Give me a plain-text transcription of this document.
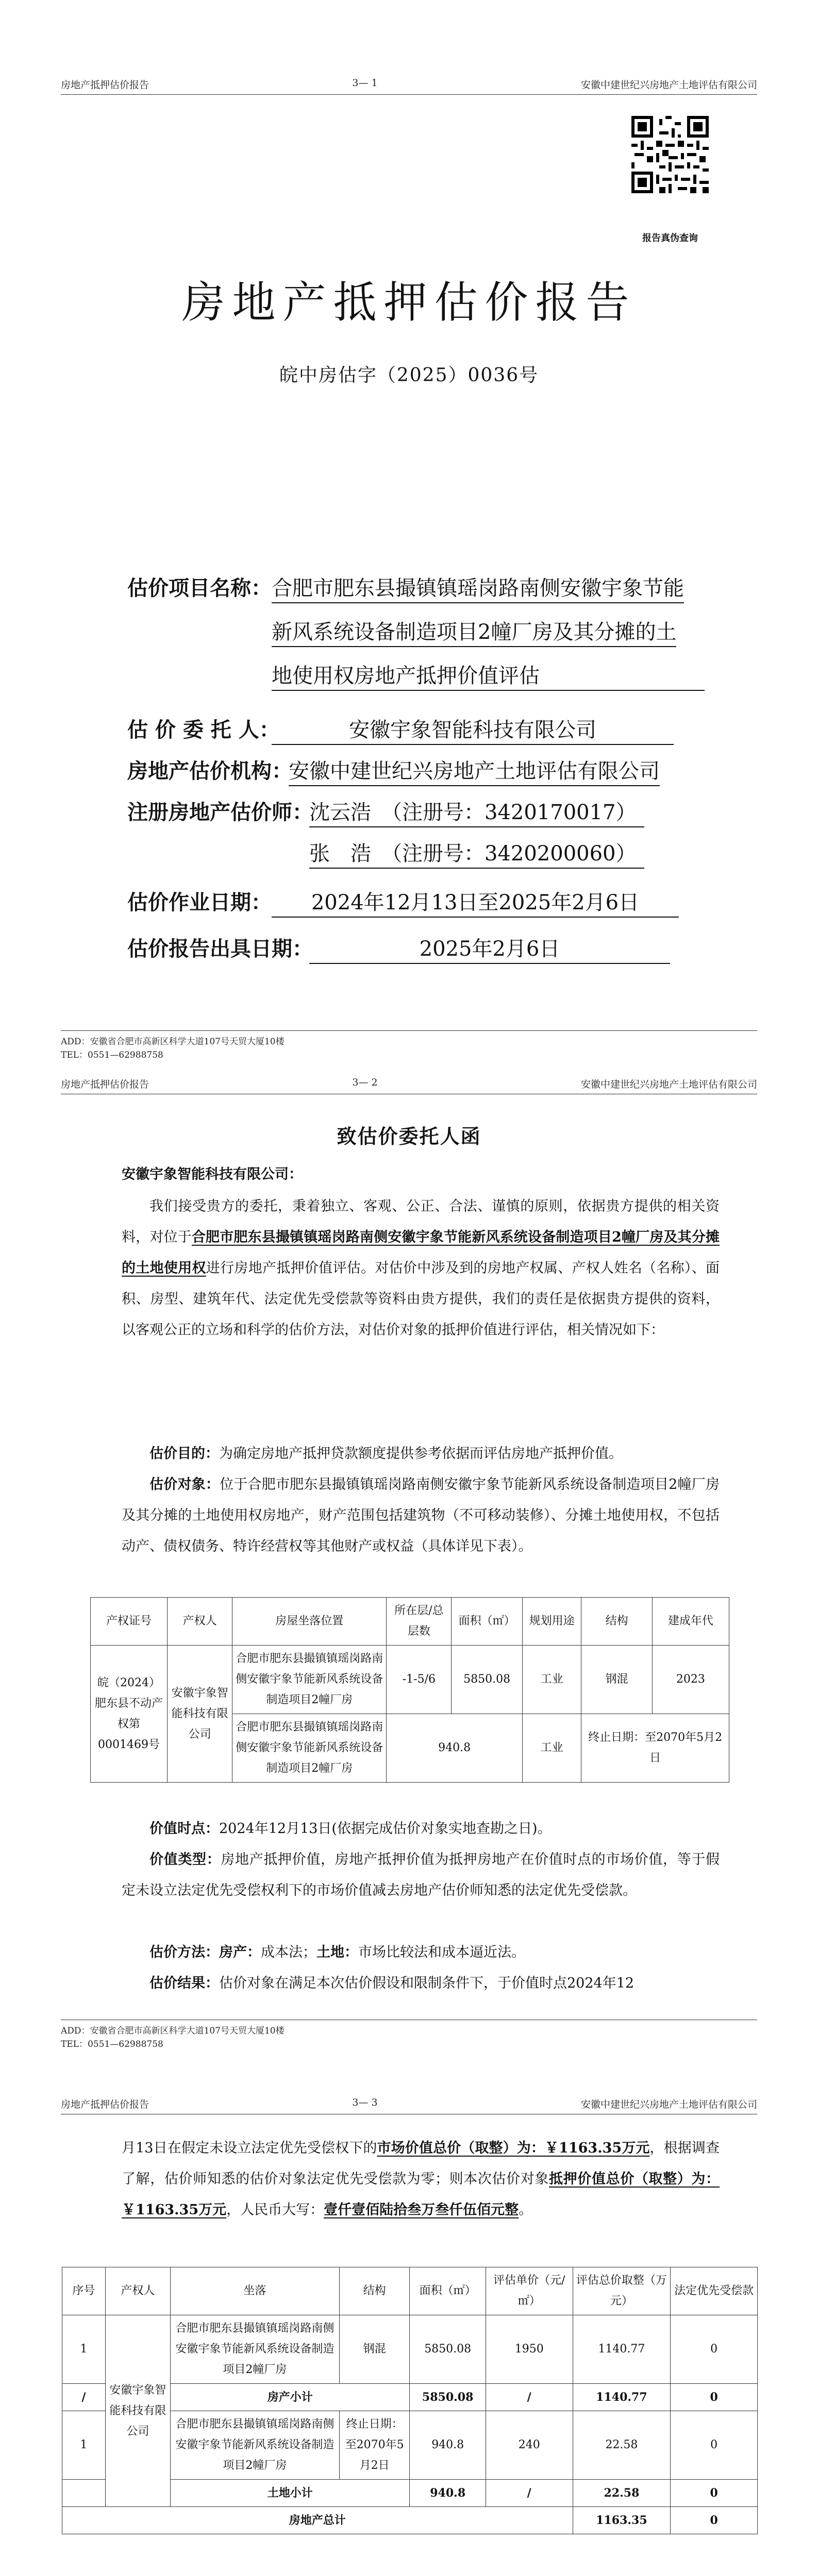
房地产抵押估价报告	3— 1	安徽中建世纪兴房地产土地评估有限公司
报告真伪查询
房地产抵押估价报告
皖中房估字（2025）0036号
估价项目名称： 合肥市肥东县撮镇镇瑶岗路南侧安徽宇象节能
新风系统设备制造项目2幢厂房及其分摊的土
地使用权房地产抵押价值评估
估 价 委 托 人：	安徽宇象智能科技有限公司
房地产估价机构：
安徽中建世纪兴房地产土地评估有限公司
注册房地产估价师：
沈云浩　（注册号：3420170017）
张　浩　（注册号：3420200060）
估价作业日期：	2024年12月13日至2025年2月6日
估价报告出具日期：	2025年2月6日
ADD：安徽省合肥市高新区科学大道107号天贸大厦10楼
TEL：0551—62988758
房地产抵押估价报告	3— 2	安徽中建世纪兴房地产土地评估有限公司
致估价委托人函
安徽宇象智能科技有限公司：
我们接受贵方的委托，秉着独立、客观、公正、合法、谨慎的原则，依据贵方提供的相关资料，对位于合肥市肥东县撮镇镇瑶岗路南侧安徽宇象节能新风系统设备制造项目2幢厂房及其分摊的土地使用权进行房地产抵押价值评估。对估价中涉及到的房地产权属、产权人姓名（名称）、面积、房型、建筑年代、法定优先受偿款等资料由贵方提供，我们的责任是依据贵方提供的资料，以客观公正的立场和科学的估价方法，对估价对象的抵押价值进行评估，相关情况如下：
估价目的：为确定房地产抵押贷款额度提供参考依据而评估房地产抵押价值。
估价对象：位于合肥市肥东县撮镇镇瑶岗路南侧安徽宇象节能新风系统设备制造项目2幢厂房及其分摊的土地使用权房地产，财产范围包括建筑物（不可移动装修）、分摊土地使用权，不包括动产、债权债务、特许经营权等其他财产或权益（具体详见下表）。
产权证号	产权人	房屋坐落位置	所在层/总层数	面积（㎡）	规划用途	结构	建成年代
皖（2024）肥东县不动产权第0001469号	安徽宇象智能科技有限公司	合肥市肥东县撮镇镇瑶岗路南侧安徽宇象节能新风系统设备制造项目2幢厂房	-1-5/6	5850.08	工业	钢混	2023
		合肥市肥东县撮镇镇瑶岗路南侧安徽宇象节能新风系统设备制造项目2幢厂房	940.8		工业	终止日期：至2070年5月2日	
价值时点：2024年12月13日(依据完成估价对象实地查勘之日)。
价值类型：房地产抵押价值，房地产抵押价值为抵押房地产在价值时点的市场价值，等于假定未设立法定优先受偿权利下的市场价值减去房地产估价师知悉的法定优先受偿款。
估价方法：房产：成本法；土地：市场比较法和成本逼近法。
估价结果：估价对象在满足本次估价假设和限制条件下，于价值时点2024年12
ADD：安徽省合肥市高新区科学大道107号天贸大厦10楼
TEL：0551—62988758
房地产抵押估价报告	3— 3	安徽中建世纪兴房地产土地评估有限公司
月13日在假定未设立法定优先受偿权下的市场价值总价（取整）为：￥1163.35万元，根据调查了解，估价师知悉的估价对象法定优先受偿款为零；则本次估价对象抵押价值总价（取整）为：￥1163.35万元，人民币大写：壹仟壹佰陆拾叁万叁仟伍佰元整。
序号	产权人	坐落	结构	面积（㎡）	评估单价（元/㎡）	评估总价取整（万元）	法定优先受偿款
1	安徽宇象智能科技有限公司	合肥市肥东县撮镇镇瑶岗路南侧安徽宇象节能新风系统设备制造项目2幢厂房	钢混	5850.08	1950	1140.77	0
/		房产小计		5850.08	/	1140.77	0
1		合肥市肥东县撮镇镇瑶岗路南侧安徽宇象节能新风系统设备制造项目2幢厂房	终止日期：至2070年5月2日	940.8	240	22.58	0
		土地小计		940.8	/	22.58	0
房地产总计						1163.35	0
